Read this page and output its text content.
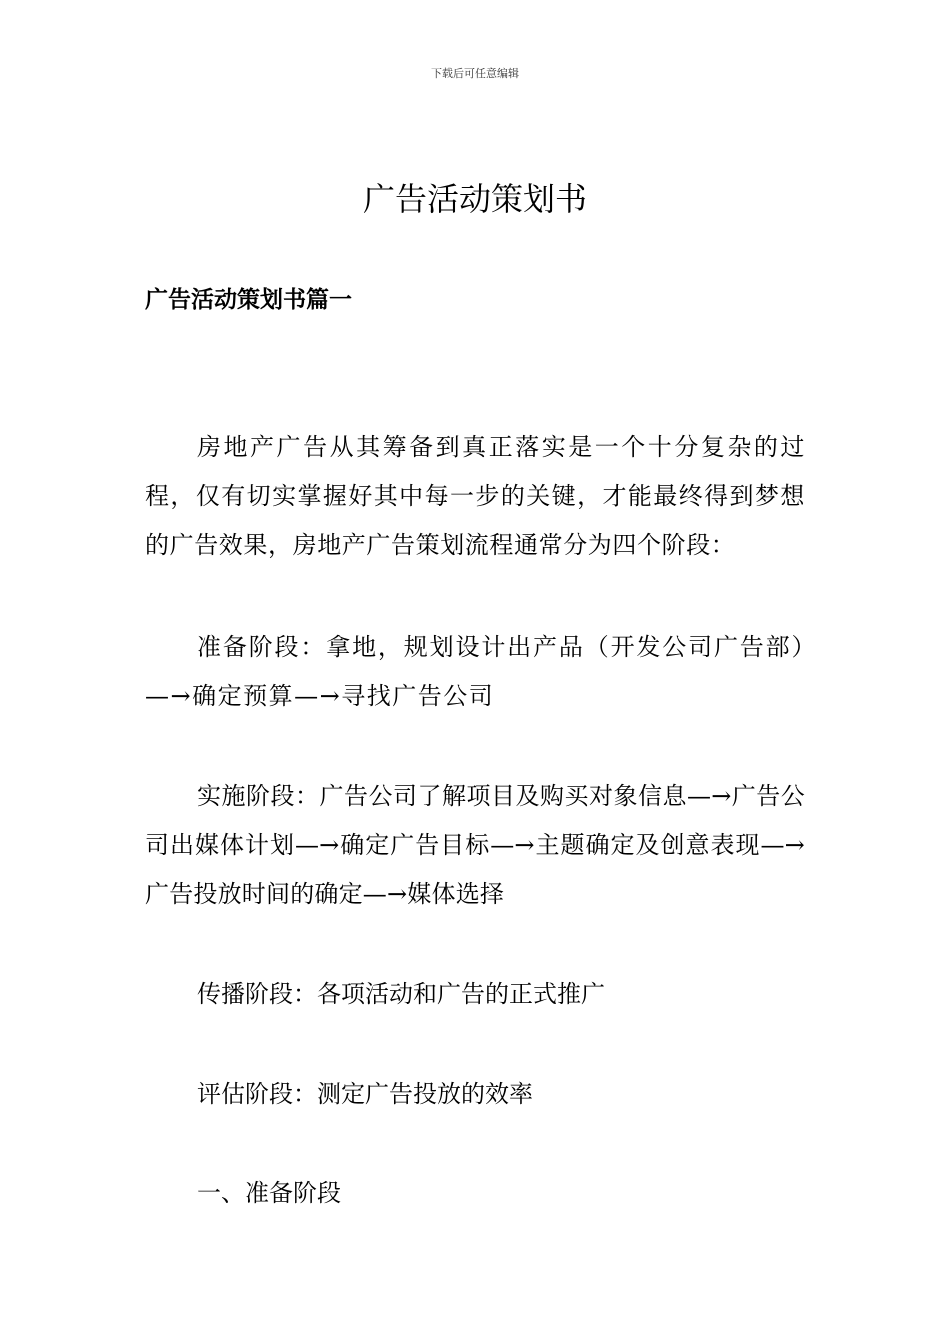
下载后可任意编辑
广告活动策划书
广告活动策划书篇一

房地产广告从其筹备到真正落实是一个十分复杂的过程，仅有切实掌握好其中每一步的关键，才能最终得到梦想的广告效果，房地产广告策划流程通常分为四个阶段：

准备阶段：拿地，规划设计出产品（开发公司广告部）—→确定预算—→寻找广告公司

实施阶段：广告公司了解项目及购买对象信息—→广告公司出媒体计划—→确定广告目标—→主题确定及创意表现—→广告投放时间的确定—→媒体选择

传播阶段：各项活动和广告的正式推广

评估阶段：测定广告投放的效率

一、准备阶段
